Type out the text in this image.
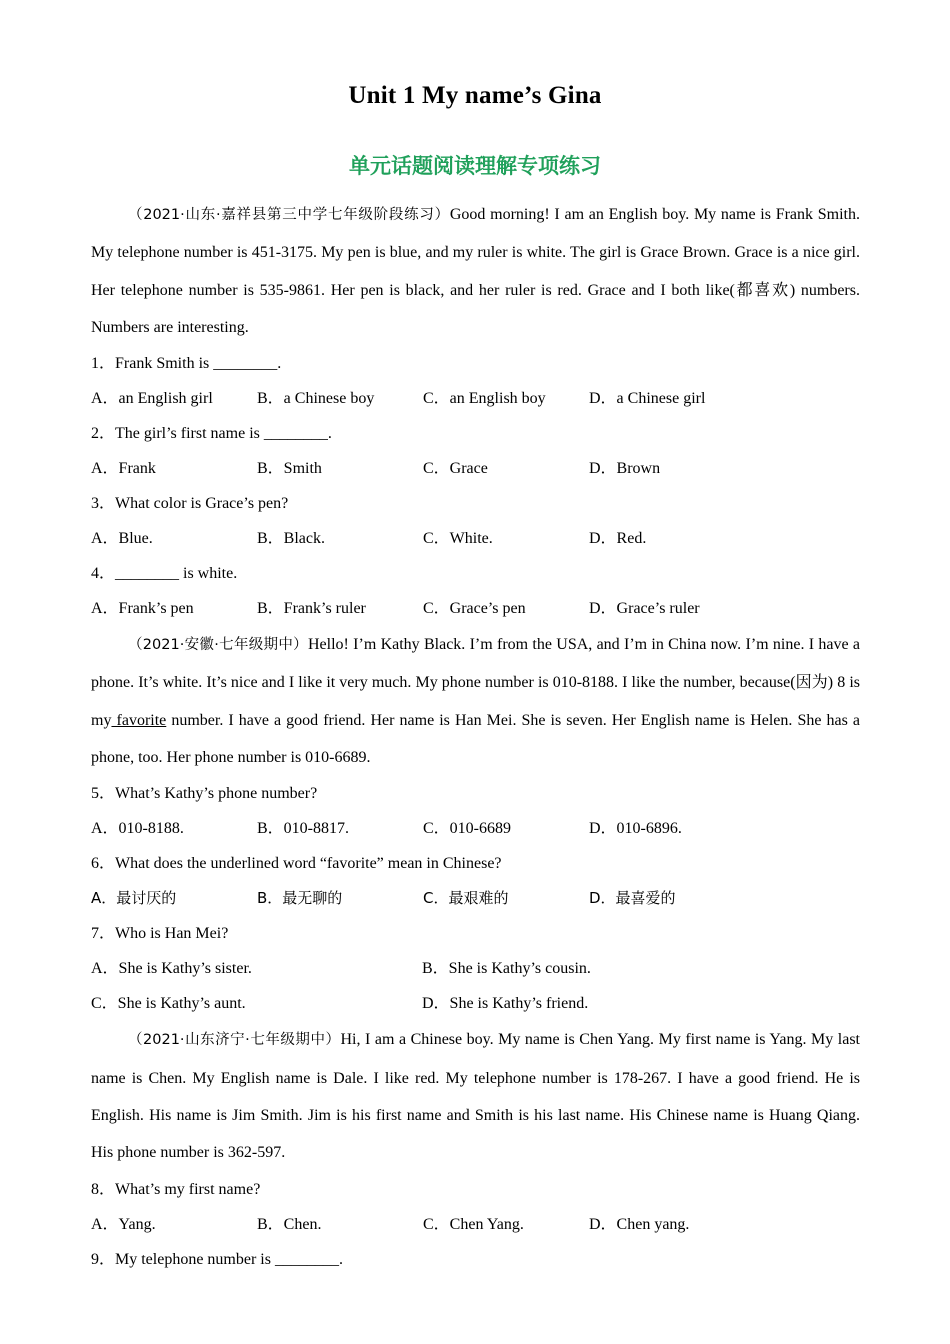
Unit 1 My name’s Gina
单元话题阅读理解专项练习

（2021·山东·嘉祥县第三中学七年级阶段练习）Good morning! I am an English boy. My name is Frank Smith. My telephone number is 451-3175. My pen is blue, and my ruler is white. The girl is Grace Brown. Grace is a nice girl. Her telephone number is 535-9861. Her pen is black, and her ruler is red. Grace and I both like(都喜欢) numbers. Numbers are interesting.

1．Frank Smith is ________.
A．an English girl	B．a Chinese boy	C．an English boy	D．a Chinese girl
2．The girl’s first name is ________.
A．Frank	B．Smith	C．Grace	D．Brown
3．What color is Grace’s pen?
A．Blue.	B．Black.	C．White.	D．Red.
4．________ is white.
A．Frank’s pen	B．Frank’s ruler	C．Grace’s pen	D．Grace’s ruler

（2021·安徽·七年级期中）Hello! I’m Kathy Black. I’m from the USA, and I’m in China now. I’m nine. I have a phone. It’s white. It’s nice and I like it very much. My phone number is 010-8188. I like the number, because(因为) 8 is my favorite number. I have a good friend. Her name is Han Mei. She is seven. Her English name is Helen. She has a phone, too. Her phone number is 010-6689.

5．What’s Kathy’s phone number?
A．010-8188.	B．010-8817.	C．010-6689	D．010-6896.
6．What does the underlined word “favorite” mean in Chinese?
A．最讨厌的	B．最无聊的	C．最艰难的	D．最喜爱的
7．Who is Han Mei?
A．She is Kathy’s sister.	B．She is Kathy’s cousin.
C．She is Kathy’s aunt.	D．She is Kathy’s friend.

（2021·山东济宁·七年级期中）Hi, I am a Chinese boy. My name is Chen Yang. My first name is Yang. My last name is Chen. My English name is Dale. I like red. My telephone number is 178-267. I have a good friend. He is English. His name is Jim Smith. Jim is his first name and Smith is his last name. His Chinese name is Huang Qiang. His phone number is 362-597.

8．What’s my first name?
A．Yang.	B．Chen.	C．Chen Yang.	D．Chen yang.
9．My telephone number is ________.
